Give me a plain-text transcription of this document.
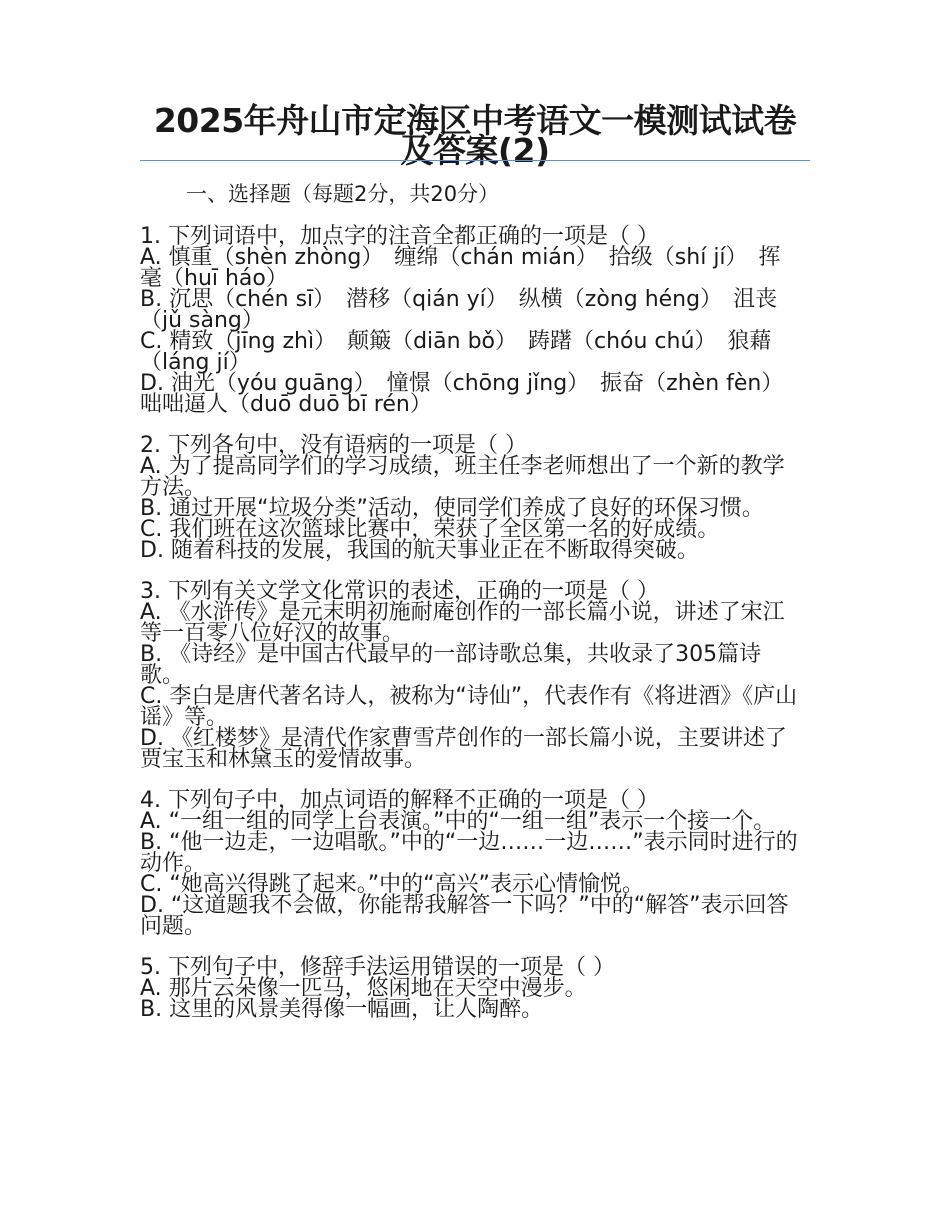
2025年舟山市定海区中考语文一模测试试卷及答案(2)
一、选择题（每题2分，共20分）
1. 下列词语中，加点字的注音全都正确的一项是（ ）
A. 慎重（shèn zhòng）　缠绵（chán mián）　拾级（shí jí）　挥毫（huī háo）
B. 沉思（chén sī）　潜移（qián yí）　纵横（zòng héng）　沮丧（jǔ sàng）
C. 精致（jīng zhì）　颠簸（diān bǒ）　踌躇（chóu chú）　狼藉（láng jí）
D. 油光（yóu guāng）　憧憬（chōng jǐng）　振奋（zhèn fèn）　咄咄逼人（duō duō bī rén）
2. 下列各句中，没有语病的一项是（ ）
A. 为了提高同学们的学习成绩，班主任李老师想出了一个新的教学方法。
B. 通过开展“垃圾分类”活动，使同学们养成了良好的环保习惯。
C. 我们班在这次篮球比赛中，荣获了全区第一名的好成绩。
D. 随着科技的发展，我国的航天事业正在不断取得突破。
3. 下列有关文学文化常识的表述，正确的一项是（ ）
A. 《水浒传》是元末明初施耐庵创作的一部长篇小说，讲述了宋江等一百零八位好汉的故事。
B. 《诗经》是中国古代最早的一部诗歌总集，共收录了305篇诗歌。
C. 李白是唐代著名诗人，被称为“诗仙”，代表作有《将进酒》《庐山谣》等。
D. 《红楼梦》是清代作家曹雪芹创作的一部长篇小说，主要讲述了贾宝玉和林黛玉的爱情故事。
4. 下列句子中，加点词语的解释不正确的一项是（ ）
A. “一组一组的同学上台表演。”中的“一组一组”表示一个接一个。
B. “他一边走，一边唱歌。”中的“一边……一边……”表示同时进行的动作。
C. “她高兴得跳了起来。”中的“高兴”表示心情愉悦。
D. “这道题我不会做，你能帮我解答一下吗？”中的“解答”表示回答问题。
5. 下列句子中，修辞手法运用错误的一项是（ ）
A. 那片云朵像一匹马，悠闲地在天空中漫步。
B. 这里的风景美得像一幅画，让人陶醉。
